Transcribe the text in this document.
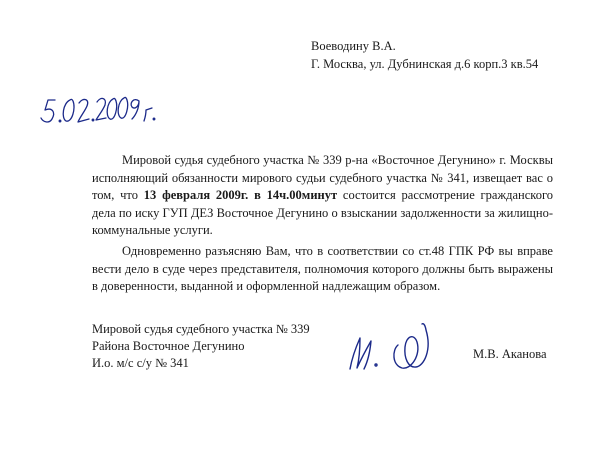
Воеводину В.А.
Г. Москва, ул. Дубнинская д.6 корп.3 кв.54

Мировой судья судебного участка № 339 р-на «Восточное Дегунино» г. Москвы исполняющий обязанности мирового судьи судебного участка № 341, извещает вас о том, что 13 февраля 2009г. в 14ч.00минут состоится рассмотрение гражданского дела по иску ГУП ДЕЗ Восточное Дегунино о взыскании задолженности за жилищно-коммунальные услуги.

Одновременно разъясняю Вам, что в соответствии со ст.48 ГПК РФ вы вправе вести дело в суде через представителя, полномочия которого должны быть выражены в доверенности, выданной и оформленной надлежащим образом.

Мировой судья судебного участка № 339
Района Восточное Дегунино
И.о. м/с с/у № 341
М.В. Аканова
